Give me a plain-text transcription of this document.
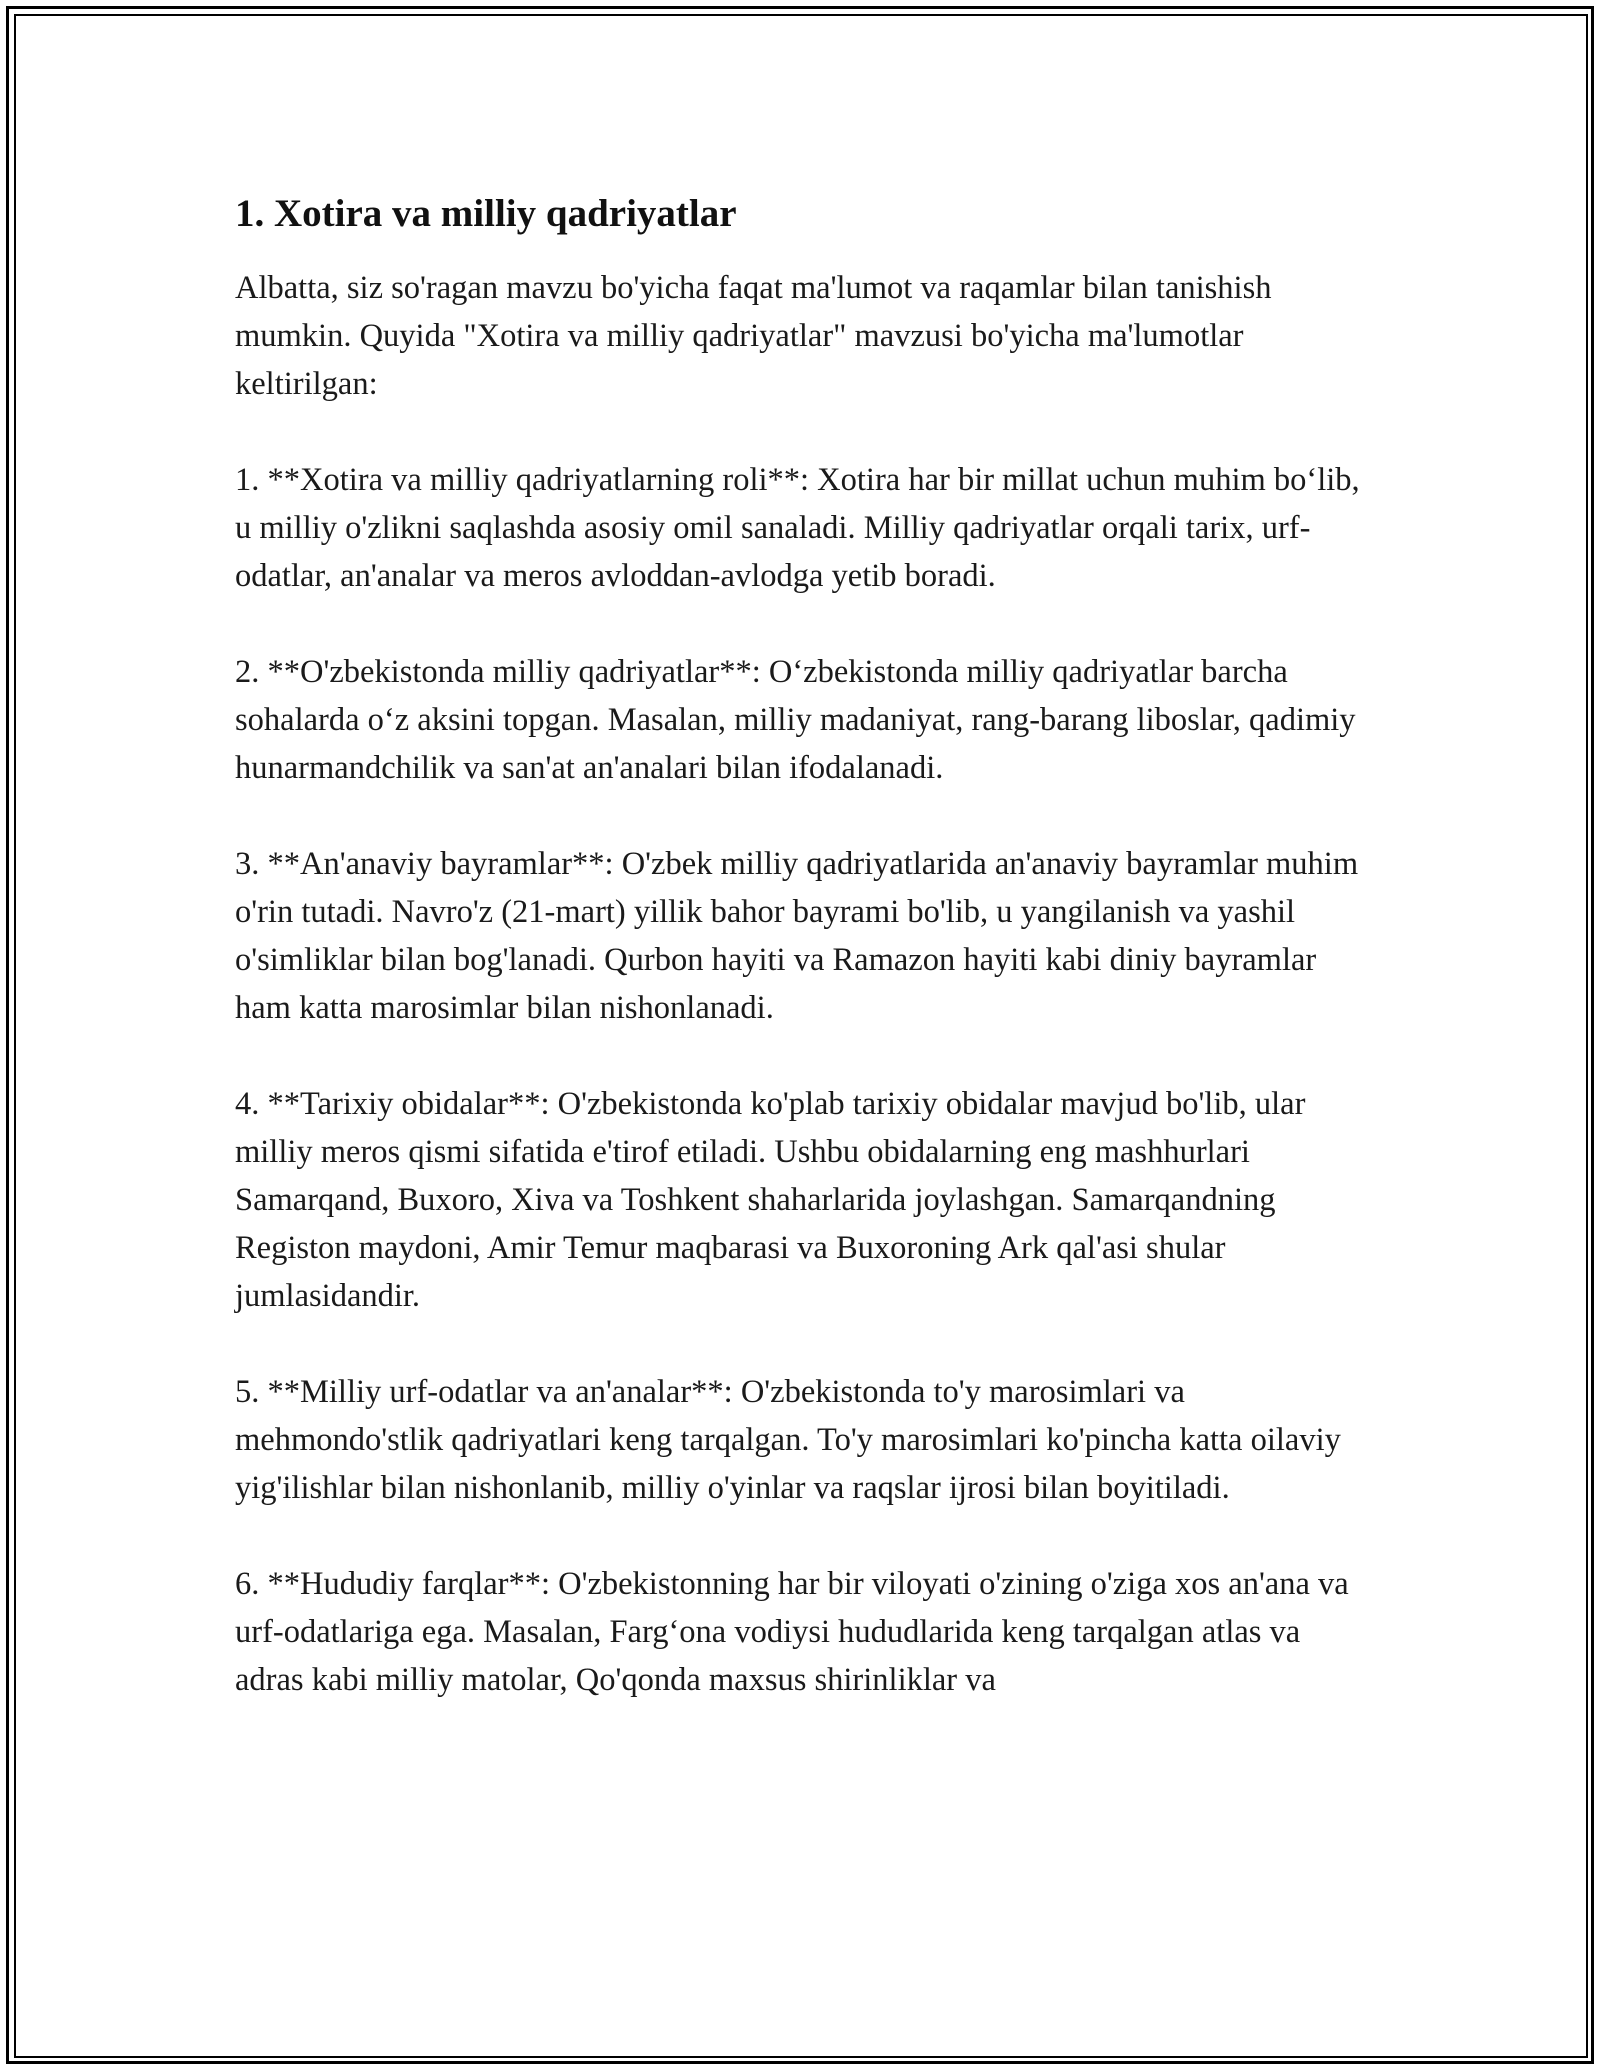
1. Xotira va milliy qadriyatlar

Albatta, siz so'ragan mavzu bo'yicha faqat ma'lumot va raqamlar bilan tanishish mumkin. Quyida "Xotira va milliy qadriyatlar" mavzusi bo'yicha ma'lumotlar keltirilgan:

1. **Xotira va milliy qadriyatlarning roli**: Xotira har bir millat uchun muhim bo‘lib, u milliy o'zlikni saqlashda asosiy omil sanaladi. Milliy qadriyatlar orqali tarix, urf-odatlar, an'analar va meros avloddan-avlodga yetib boradi.

2. **O'zbekistonda milliy qadriyatlar**: O‘zbekistonda milliy qadriyatlar barcha sohalarda o‘z aksini topgan. Masalan, milliy madaniyat, rang-barang liboslar, qadimiy hunarmandchilik va san'at an'analari bilan ifodalanadi.

3. **An'anaviy bayramlar**: O'zbek milliy qadriyatlarida an'anaviy bayramlar muhim o'rin tutadi. Navro'z (21-mart) yillik bahor bayrami bo'lib, u yangilanish va yashil o'simliklar bilan bog'lanadi. Qurbon hayiti va Ramazon hayiti kabi diniy bayramlar ham katta marosimlar bilan nishonlanadi.

4. **Tarixiy obidalar**: O'zbekistonda ko'plab tarixiy obidalar mavjud bo'lib, ular milliy meros qismi sifatida e'tirof etiladi. Ushbu obidalarning eng mashhurlari Samarqand, Buxoro, Xiva va Toshkent shaharlarida joylashgan. Samarqandning Registon maydoni, Amir Temur maqbarasi va Buxoroning Ark qal'asi shular jumlasidandir.

5. **Milliy urf-odatlar va an'analar**: O'zbekistonda to'y marosimlari va mehmondo'stlik qadriyatlari keng tarqalgan. To'y marosimlari ko'pincha katta oilaviy yig'ilishlar bilan nishonlanib, milliy o'yinlar va raqslar ijrosi bilan boyitiladi.

6. **Hududiy farqlar**: O'zbekistonning har bir viloyati o'zining o'ziga xos an'ana va urf-odatlariga ega. Masalan, Farg‘ona vodiysi hududlarida keng tarqalgan atlas va adras kabi milliy matolar, Qo'qonda maxsus shirinliklar va
